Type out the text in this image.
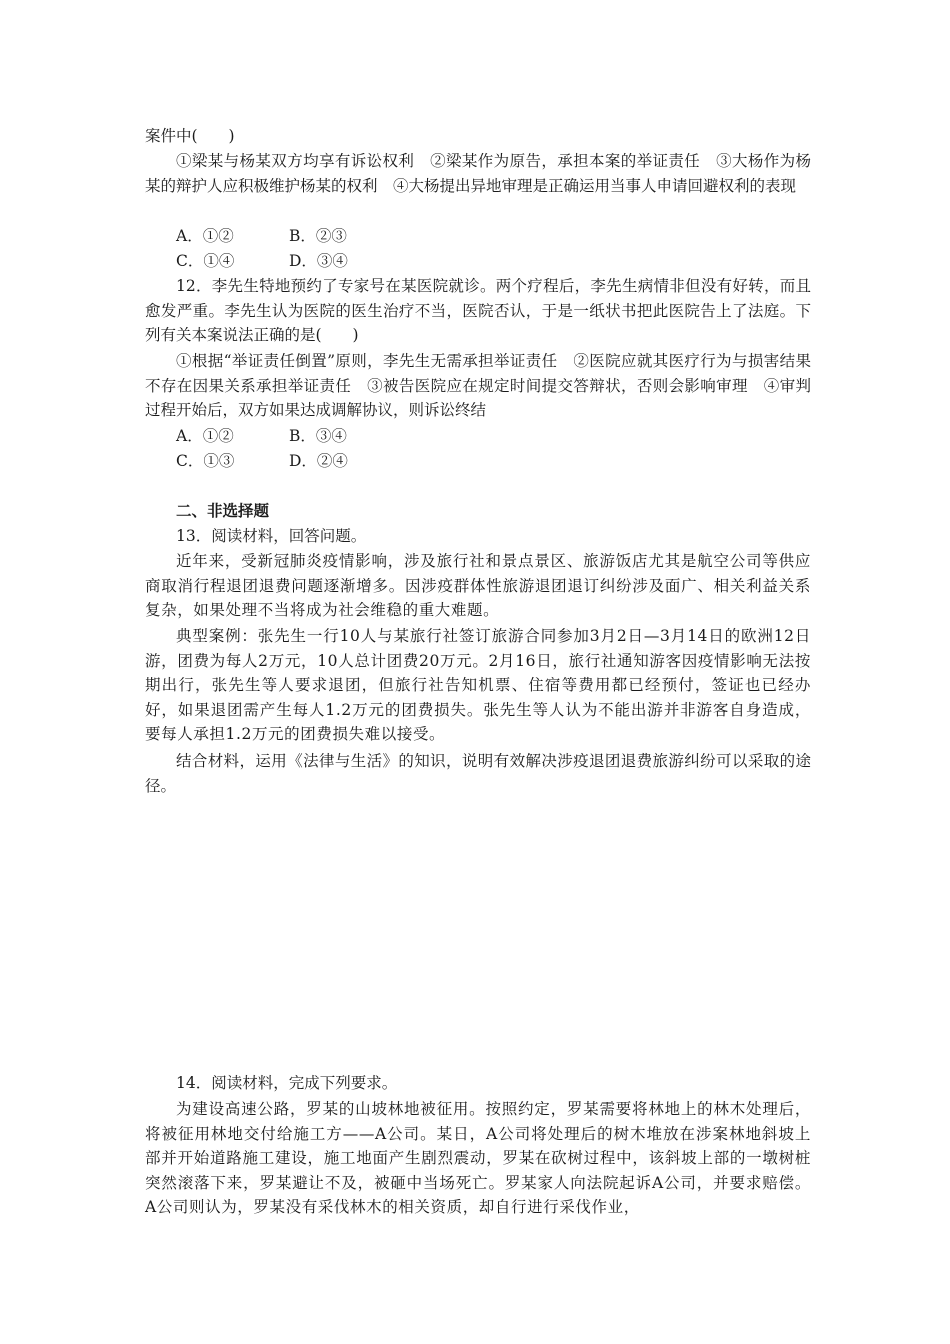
案件中(　　)

①梁某与杨某双方均享有诉讼权利　②梁某作为原告，承担本案的举证责任　③大杨作为杨某的辩护人应积极维护杨某的权利　④大杨提出异地审理是正确运用当事人申请回避权利的表现

A．①②	B．②③
C．①④	D．③④

12．李先生特地预约了专家号在某医院就诊。两个疗程后，李先生病情非但没有好转，而且愈发严重。李先生认为医院的医生治疗不当，医院否认，于是一纸状书把此医院告上了法庭。下列有关本案说法正确的是(　　)

①根据“举证责任倒置”原则，李先生无需承担举证责任　②医院应就其医疗行为与损害结果不存在因果关系承担举证责任　③被告医院应在规定时间提交答辩状，否则会影响审理　④审判过程开始后，双方如果达成调解协议，则诉讼终结

A．①②	B．③④
C．①③	D．②④
二、非选择题

13．阅读材料，回答问题。

近年来，受新冠肺炎疫情影响，涉及旅行社和景点景区、旅游饭店尤其是航空公司等供应商取消行程退团退费问题逐渐增多。因涉疫群体性旅游退团退订纠纷涉及面广、相关利益关系复杂，如果处理不当将成为社会维稳的重大难题。

典型案例：张先生一行10人与某旅行社签订旅游合同参加3月2日—3月14日的欧洲12日游，团费为每人2万元，10人总计团费20万元。2月16日，旅行社通知游客因疫情影响无法按期出行，张先生等人要求退团，但旅行社告知机票、住宿等费用都已经预付，签证也已经办好，如果退团需产生每人1.2万元的团费损失。张先生等人认为不能出游并非游客自身造成，要每人承担1.2万元的团费损失难以接受。

结合材料，运用《法律与生活》的知识，说明有效解决涉疫退团退费旅游纠纷可以采取的途径。

14．阅读材料，完成下列要求。

为建设高速公路，罗某的山坡林地被征用。按照约定，罗某需要将林地上的林木处理后，将被征用林地交付给施工方——A公司。某日，A公司将处理后的树木堆放在涉案林地斜坡上部并开始道路施工建设，施工地面产生剧烈震动，罗某在砍树过程中，该斜坡上部的一墩树桩突然滚落下来，罗某避让不及，被砸中当场死亡。罗某家人向法院起诉A公司，并要求赔偿。A公司则认为，罗某没有采伐林木的相关资质，却自行进行采伐作业，
